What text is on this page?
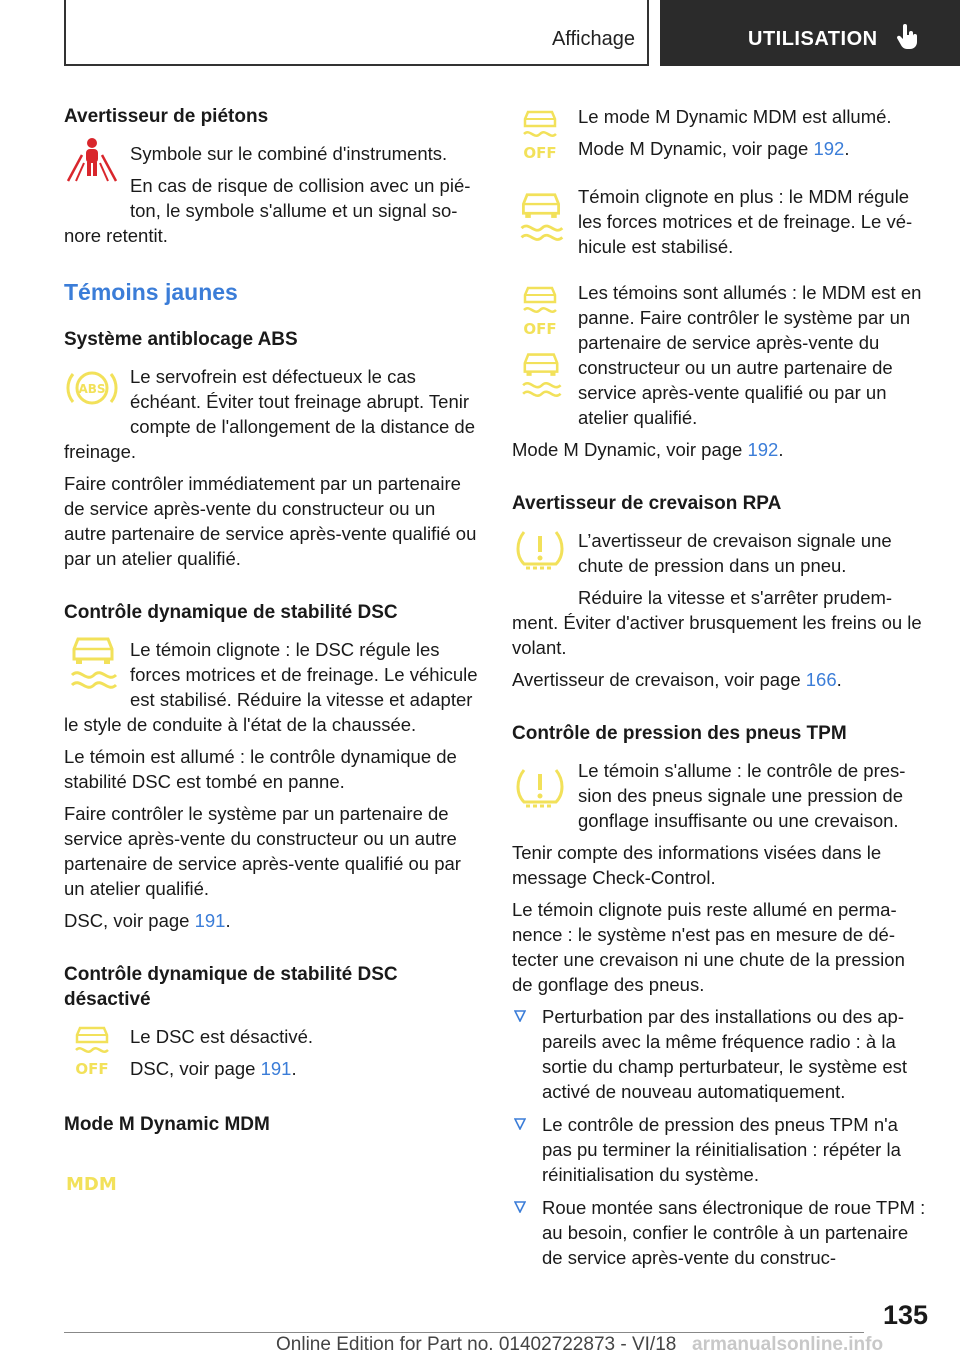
Affichage	UTILISATION
Avertisseur de piétons

Symbole sur le combiné d'instruments.

En cas de risque de collision avec un piéton, le symbole s'allume et un signal sonore retentit.

Témoins jaunes
Système antiblocage ABS
ABS

Le servofrein est défectueux le cas échéant. Éviter tout freinage abrupt. Tenir compte de l'allongement de la distance de freinage.

Faire contrôler immédiatement par un partenaire de service après-vente du constructeur ou un autre partenaire de service après-vente qualifié ou par un atelier qualifié.

Contrôle dynamique de stabilité DSC

Le témoin clignote : le DSC régule les forces motrices et de freinage. Le véhicule est stabilisé. Réduire la vitesse et adapter le style de conduite à l'état de la chaussée.

Le témoin est allumé : le contrôle dynamique de stabilité DSC est tombé en panne.

Faire contrôler le système par un partenaire de service après-vente du constructeur ou un autre partenaire de service après-vente qualifié ou par un atelier qualifié.

DSC, voir page 191.

Contrôle dynamique de stabilité DSC désactivé
OFF

Le DSC est désactivé.

DSC, voir page 191.

Mode M Dynamic MDM
MDM
OFF

Le mode M Dynamic MDM est allumé.

Mode M Dynamic, voir page 192.

Témoin clignote en plus : le MDM régule les forces motrices et de freinage. Le véhicule est stabilisé.

OFF

Les témoins sont allumés : le MDM est en panne. Faire contrôler le système par un partenaire de service après-vente du constructeur ou un autre partenaire de service après-vente qualifié ou par un atelier qualifié.

Mode M Dynamic, voir page 192.

Avertisseur de crevaison RPA

L’avertisseur de crevaison signale une chute de pression dans un pneu.

Réduire la vitesse et s'arrêter prudemment. Éviter d'activer brusquement les freins ou le volant.

Avertisseur de crevaison, voir page 166.

Contrôle de pression des pneus TPM

Le témoin s'allume : le contrôle de pression des pneus signale une pression de gonflage insuffisante ou une crevaison.

Tenir compte des informations visées dans le message Check-Control.

Le témoin clignote puis reste allumé en permanence : le système n'est pas en mesure de détecter une crevaison ni une chute de la pression de gonflage des pneus.

Perturbation par des installations ou des appareils avec la même fréquence radio : à la sortie du champ perturbateur, le système est activé de nouveau automatiquement.
Le contrôle de pression des pneus TPM n'a pas pu terminer la réinitialisation : répéter la réinitialisation du système.
Roue montée sans électronique de roue TPM : au besoin, confier le contrôle à un partenaire de service après-vente du construc-
135
Online Edition for Part no. 01402722873 - VI/18 armanualsonline.info
